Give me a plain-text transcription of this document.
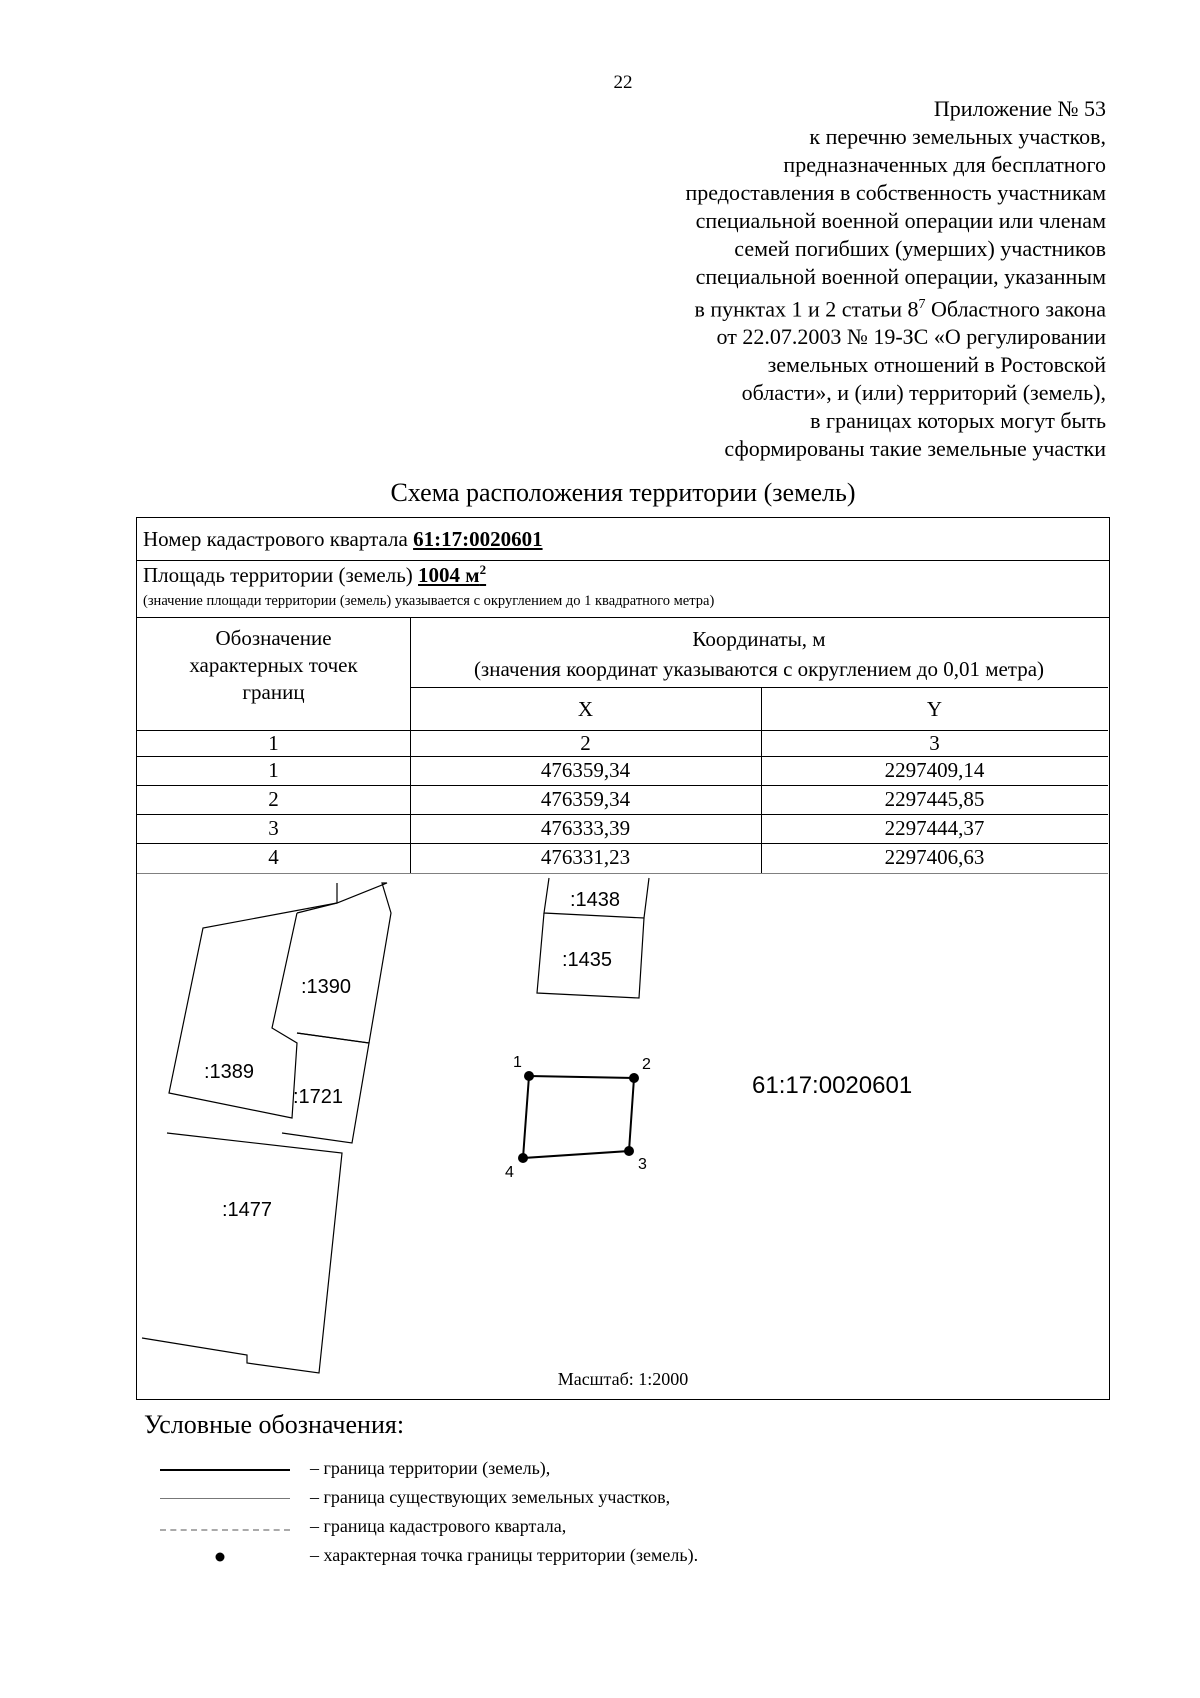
22
Приложение № 53
к перечню земельных участков,
предназначенных для бесплатного
предоставления в собственность участникам
специальной военной операции или членам
семей погибших (умерших) участников
специальной военной операции, указанным
в пунктах 1 и 2 статьи $8^7$ Областного закона
от 22.07.2003 № 19-ЗС «О регулировании
земельных отношений в Ростовской
области», и (или) территорий (земель),
в границах которых могут быть
сформированы такие земельные участки
Схема расположения территории (земель)
Номер кадастрового квартала 61:17:0020601
Площадь территории (земель) 1004 $м^2$
(значение площади территории (земель) указывается с округлением до 1 квадратного метра)
Обозначение характерных точек границ
Координаты, м
(значения координат указываются с округлением до 0,01 метра)
X	Y
1	2	3
1	476359,34	2297409,14
2	476359,34	2297445,85
3	476333,39	2297444,37
4	476331,23	2297406,63
:1438
:1435
:1390
:1389
:1721
:1477
1	2
3
4
61:17:0020601
Масштаб: 1:2000
Условные обозначения:
– граница территории (земель),
– граница существующих земельных участков,
– граница кадастрового квартала,
– характерная точка границы территории (земель).
